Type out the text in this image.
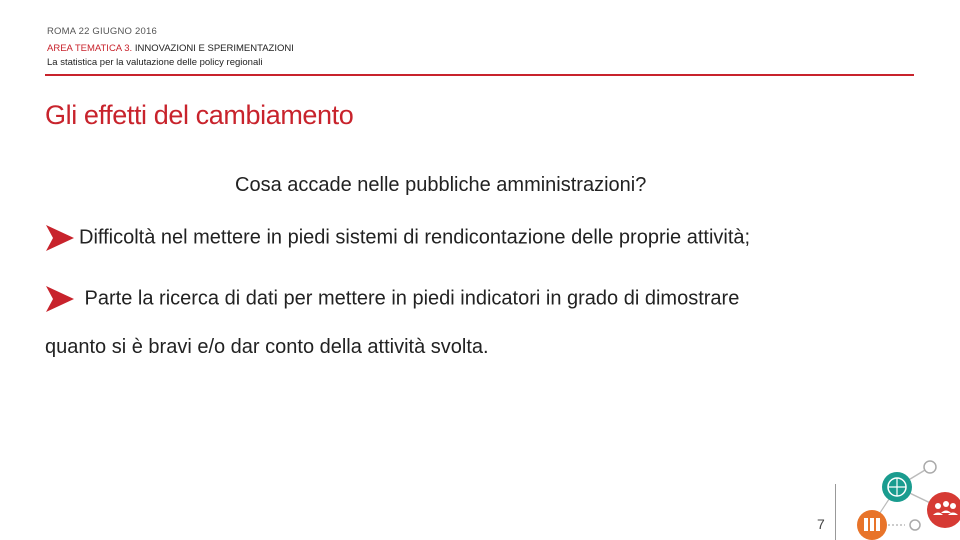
ROMA 22 GIUGNO 2016
AREA TEMATICA 3. INNOVAZIONI E SPERIMENTAZIONI
La statistica per la valutazione delle policy regionali
Gli effetti del cambiamento
Cosa accade nelle pubbliche amministrazioni?
Difficoltà nel mettere in piedi sistemi di rendicontazione delle proprie attività;
Parte la ricerca di dati per mettere in piedi indicatori in grado di dimostrare
quanto si è bravi e/o dar conto della attività svolta.
7
